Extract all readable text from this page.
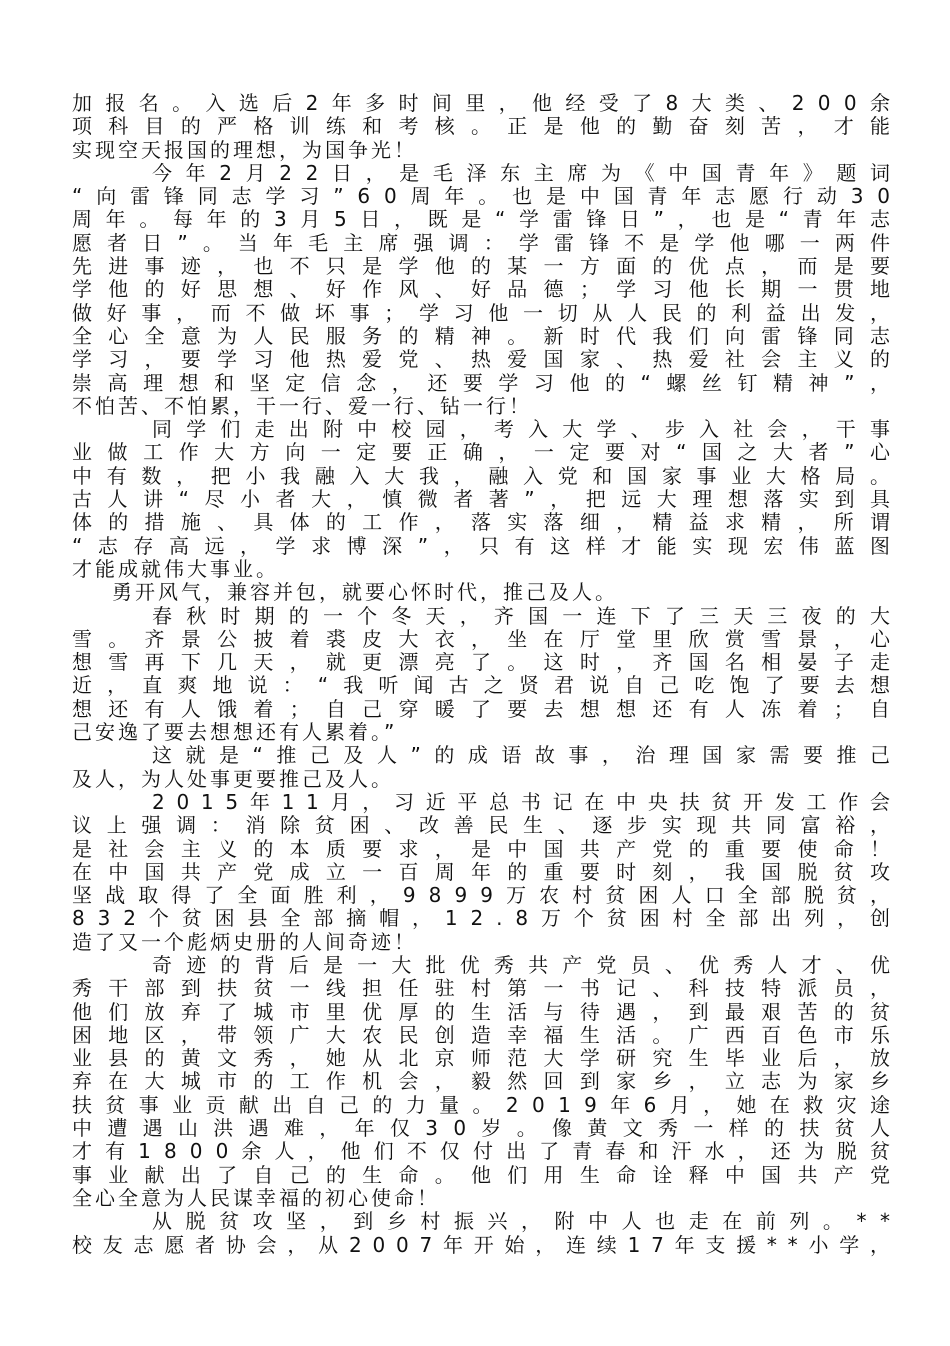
加报名。入选后2年多时间里，他经受了8大类、200余
项科目的严格训练和考核。正是他的勤奋刻苦，才能
实现空天报国的理想，为国争光！
今年2月22日，是毛泽东主席为《中国青年》题词
“向雷锋同志学习”60周年。也是中国青年志愿行动30
周年。每年的3月5日，既是“学雷锋日”，也是“青年志
愿者日”。当年毛主席强调：学雷锋不是学他哪一两件
先进事迹，也不只是学他的某一方面的优点，而是要
学他的好思想、好作风、好品德；学习他长期一贯地
做好事，而不做坏事；学习他一切从人民的利益出发，
全心全意为人民服务的精神。新时代我们向雷锋同志
学习，要学习他热爱党、热爱国家、热爱社会主义的
崇高理想和坚定信念，还要学习他的“螺丝钉精神”，
不怕苦、不怕累，干一行、爱一行、钻一行！
同学们走出附中校园，考入大学、步入社会，干事
业做工作大方向一定要正确，一定要对“国之大者”心
中有数，把小我融入大我，融入党和国家事业大格局。
古人讲“尽小者大，慎微者著”，把远大理想落实到具
体的措施、具体的工作，落实落细，精益求精，所谓
“志存高远，学求博深”，只有这样才能实现宏伟蓝图
才能成就伟大事业。
勇开风气，兼容并包，就要心怀时代，推己及人。
春秋时期的一个冬天，齐国一连下了三天三夜的大
雪。齐景公披着裘皮大衣，坐在厅堂里欣赏雪景，心
想雪再下几天，就更漂亮了。这时，齐国名相晏子走
近，直爽地说：“我听闻古之贤君说自己吃饱了要去想
想还有人饿着；自己穿暖了要去想想还有人冻着；自
己安逸了要去想想还有人累着。”
这就是“推己及人”的成语故事，治理国家需要推己
及人，为人处事更要推己及人。
2015年11月，习近平总书记在中央扶贫开发工作会
议上强调：消除贫困、改善民生、逐步实现共同富裕，
是社会主义的本质要求，是中国共产党的重要使命！
在中国共产党成立一百周年的重要时刻，我国脱贫攻
坚战取得了全面胜利，9899万农村贫困人口全部脱贫，
832个贫困县全部摘帽，12.8万个贫困村全部出列，创
造了又一个彪炳史册的人间奇迹！
奇迹的背后是一大批优秀共产党员、优秀人才、优
秀干部到扶贫一线担任驻村第一书记、科技特派员，
他们放弃了城市里优厚的生活与待遇，到最艰苦的贫
困地区，带领广大农民创造幸福生活。广西百色市乐
业县的黄文秀，她从北京师范大学研究生毕业后，放
弃在大城市的工作机会，毅然回到家乡，立志为家乡
扶贫事业贡献出自己的力量。2019年6月，她在救灾途
中遭遇山洪遇难，年仅30岁。像黄文秀一样的扶贫人
才有1800余人，他们不仅付出了青春和汗水，还为脱贫
事业献出了自己的生命。他们用生命诠释中国共产党
全心全意为人民谋幸福的初心使命！
从脱贫攻坚，到乡村振兴，附中人也走在前列。**
校友志愿者协会，从2007年开始，连续17年支援**小学，
